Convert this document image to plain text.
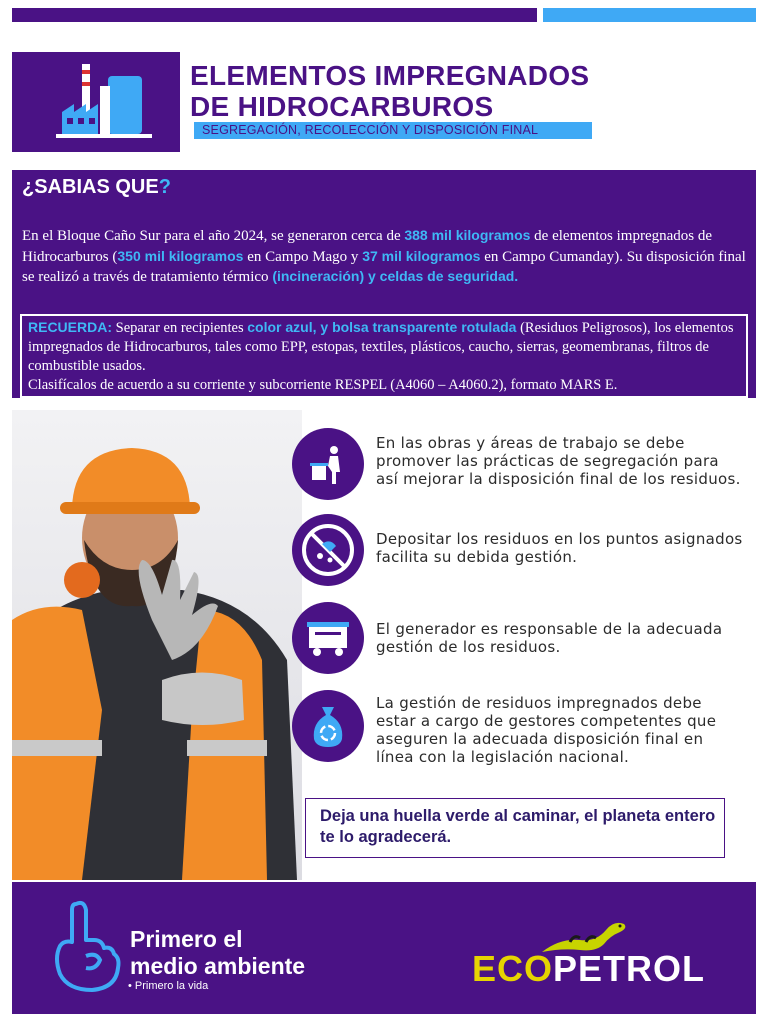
ELEMENTOS IMPREGNADOS
DE HIDROCARBUROS
SEGREGACIÓN, RECOLECCIÓN Y DISPOSICIÓN FINAL
¿SABIAS QUE?
En el Bloque Caño Sur para el año 2024, se generaron cerca de 388 mil kilogramos de elementos impregnados de Hidrocarburos (350 mil kilogramos en Campo Mago y 37 mil kilogramos en Campo Cumanday). Su disposición final se realizó a través de tratamiento térmico (incineración) y celdas de seguridad.
RECUERDA: Separar en recipientes color azul, y bolsa transparente rotulada (Residuos Peligrosos), los elementos impregnados de Hidrocarburos, tales como EPP, estopas, textiles, plásticos, caucho, sierras, geomembranas, filtros de combustible usados.
Clasifícalos de acuerdo a su corriente y subcorriente RESPEL (A4060 – A4060.2), formato MARS E.
En las obras y áreas de trabajo se debe promover las prácticas de segregación para así mejorar la disposición final de los residuos.
Depositar los residuos en los puntos asignados facilita su debida gestión.
El generador es responsable de la adecuada gestión de los residuos.
La gestión de residuos impregnados debe estar a cargo de gestores competentes que aseguren la adecuada disposición final en línea con la legislación nacional.
Deja una huella verde al caminar, el planeta entero te lo agradecerá.
Primero el
medio ambiente
• Primero la vida	ECOPETROL
